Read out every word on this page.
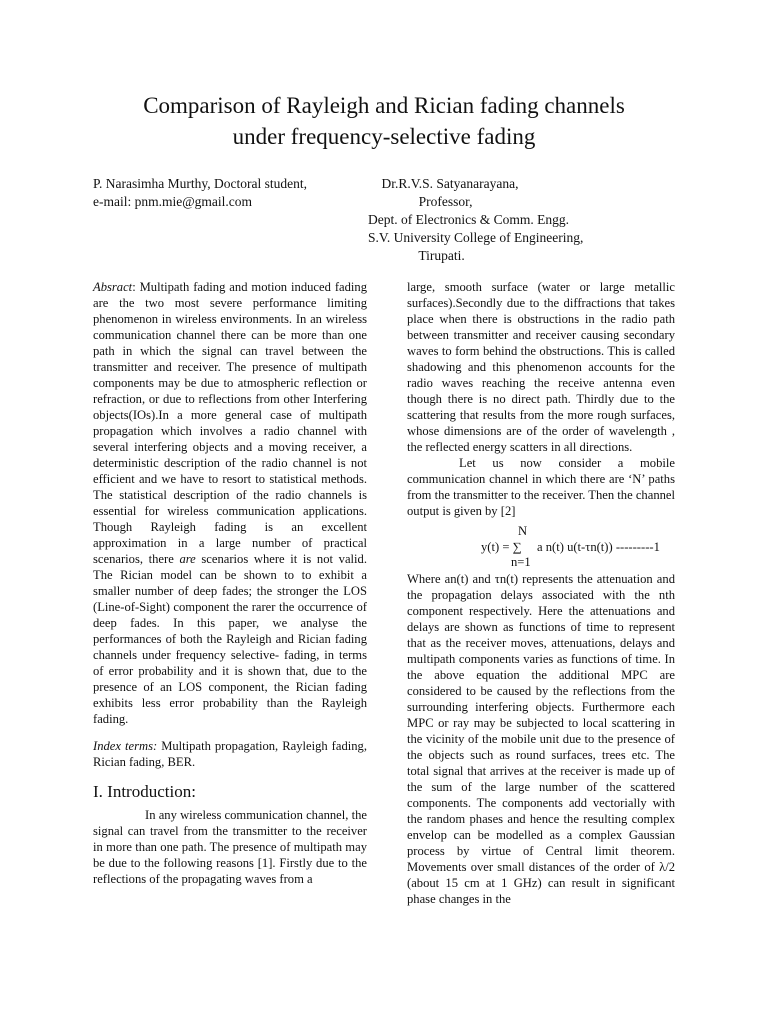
Comparison of Rayleigh and Rician fading channels
under frequency-selective fading
P. Narasimha Murthy, Doctoral student,
e-mail: pnm.mie@gmail.com
Dr.R.V.S. Satyanarayana,
Professor,
Dept. of Electronics & Comm. Engg.
S.V. University College of Engineering,
Tirupati.

Absract: Multipath fading and motion induced fading are the two most severe performance limiting phenomenon in wireless environments. In an wireless communication channel there can be more than one path in which the signal can travel between the transmitter and receiver. The presence of multipath components may be due to atmospheric reflection or refraction, or due to reflections from other Interfering objects(IOs).In a more general case of multipath propagation which involves a radio channel with several interfering objects and a moving receiver, a deterministic description of the radio channel is not efficient and we have to resort to statistical methods. The statistical description of the radio channels is essential for wireless communication applications. Though Rayleigh fading is an excellent approximation in a large number of practical scenarios, there are scenarios where it is not valid. The Rician model can be shown to to exhibit a smaller number of deep fades; the stronger the LOS (Line-of-Sight) component the rarer the occurrence of deep fades. In this paper, we analyse the performances of both the Rayleigh and Rician fading channels under frequency selective- fading, in terms of error probability and it is shown that, due to the presence of an LOS component, the Rician fading exhibits less error probability than the Rayleigh fading.

Index terms: Multipath propagation, Rayleigh fading, Rician fading, BER.

I. Introduction:

In any wireless communication channel, the signal can travel from the transmitter to the receiver in more than one path. The presence of multipath may be due to the following reasons [1]. Firstly due to the reflections of the propagating waves from a

large, smooth surface (water or large metallic surfaces).Secondly due to the diffractions that takes place when there is obstructions in the radio path between transmitter and receiver causing secondary waves to form behind the obstructions. This is called shadowing and this phenomenon accounts for the radio waves reaching the receive antenna even though there is no direct path. Thirdly due to the scattering that results from the more rough surfaces, whose dimensions are of the order of wavelength , the reflected energy scatters in all directions.

Let us now consider a mobile communication channel in which there are ‘N’ paths from the transmitter to the receiver. Then the channel output is given by [2]

N
y(t) = ∑ a n(t) u(t-τn(t)) ---------1
n=1

Where an(t) and τn(t) represents the attenuation and the propagation delays associated with the nth component respectively. Here the attenuations and delays are shown as functions of time to represent that as the receiver moves, attenuations, delays and multipath components varies as functions of time. In the above equation the additional MPC are considered to be caused by the reflections from the surrounding interfering objects. Furthermore each MPC or ray may be subjected to local scattering in the vicinity of the mobile unit due to the presence of the objects such as round surfaces, trees etc. The total signal that arrives at the receiver is made up of the sum of the large number of the scattered components. The components add vectorially with the random phases and hence the resulting complex envelop can be modelled as a complex Gaussian process by virtue of Central limit theorem. Movements over small distances of the order of λ/2 (about 15 cm at 1 GHz) can result in significant phase changes in the
